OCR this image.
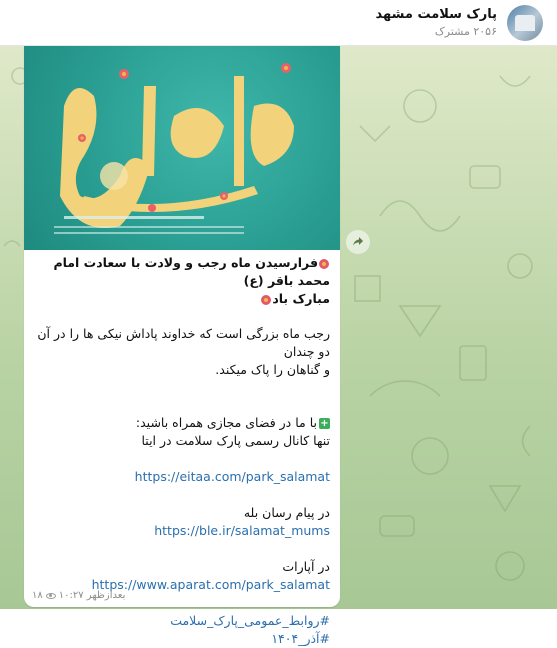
پارک سلامت مشهد
۲۰۵۶ مشترک
فرارسیدن ماه رجب و ولادت با سعادت امام محمد باقر (ع)
مبارک باد
رجب ماه بزرگی است که خداوند پاداش نیکی ها را در آن دو چندان
و گناهان را پاک میکند.
+با ما در فضای مجازی همراه باشید:
تنها کانال رسمی پارک سلامت در ایتا
https://eitaa.com/park_salamat
در پیام رسان بله
https://ble.ir/salamat_mums
در آپارات
https://www.aparat.com/park_salamat
#روابط_عمومی_پارک_سلامت
#آذر_۱۴۰۴
۱۸ ۱۰:۲۷ بعدازظهر
